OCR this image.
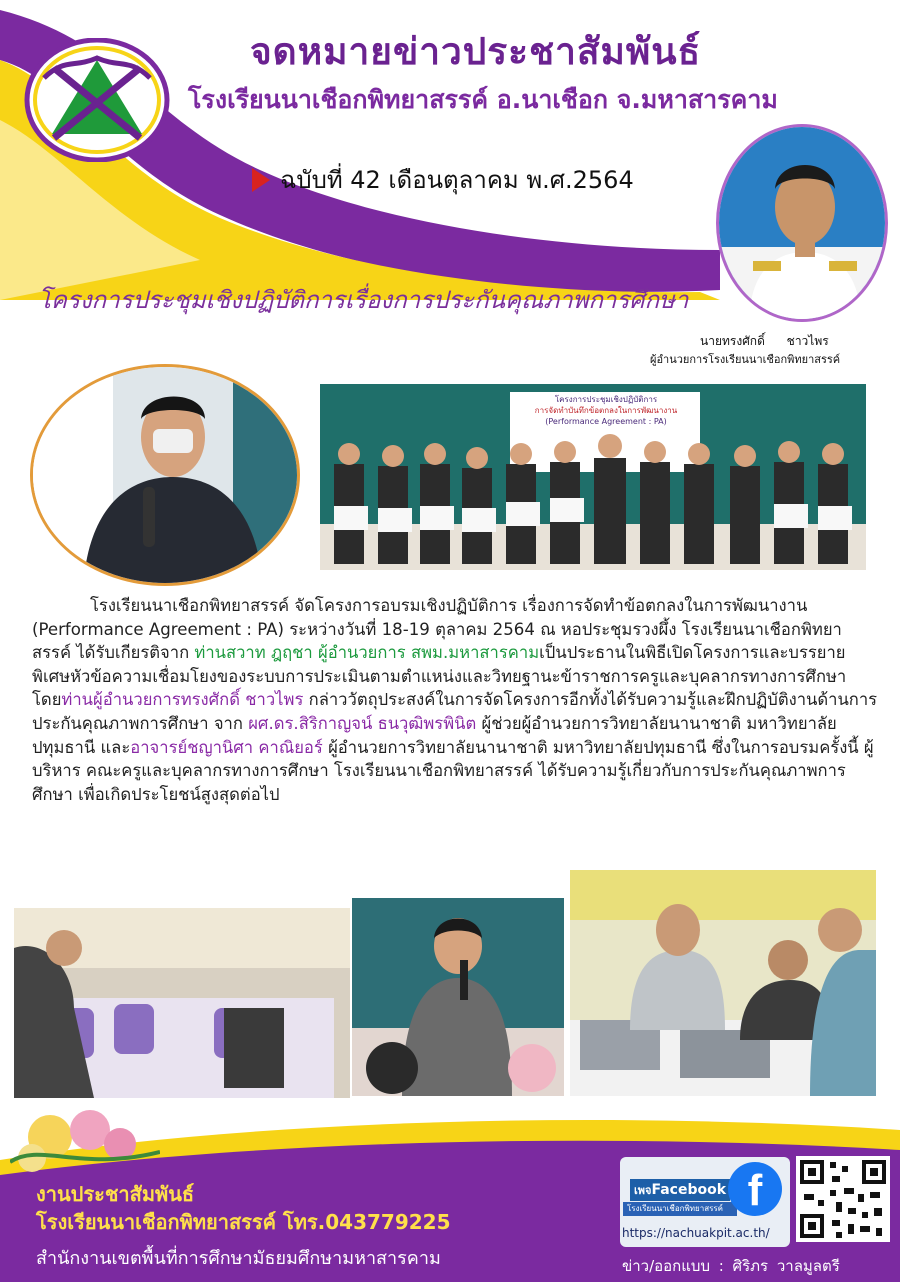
จดหมายข่าวประชาสัมพันธ์
โรงเรียนนาเชือกพิทยาสรรค์ อ.นาเชือก จ.มหาสารคาม
ฉบับที่ 42 เดือนตุลาคม พ.ศ.2564
นายทรงศักดิ์ ชาวไพร
ผู้อำนวยการโรงเรียนนาเชือกพิทยาสรรค์
โครงการประชุมเชิงปฏิบัติการเรื่องการประกันคุณภาพการศึกษา
โครงการประชุมเชิงปฏิบัติการ
การจัดทำบันทึกข้อตกลงในการพัฒนางาน
(Performance Agreement : PA)
โรงเรียนนาเชือกพิทยาสรรค์ จัดโครงการอบรมเชิงปฏิบัติการ เรื่องการจัดทำข้อตกลงในการพัฒนางาน (Performance Agreement : PA) ระหว่างวันที่ 18-19 ตุลาคม 2564 ณ หอประชุมรวงผึ้ง โรงเรียนนาเชือกพิทยาสรรค์ ได้รับเกียรติจาก ท่านสวาท ฎฤชา ผู้อำนวยการ สพม.มหาสารคามเป็นประธานในพิธีเปิดโครงการและบรรยายพิเศษหัวข้อความเชื่อมโยงของระบบการประเมินตามตำแหน่งและวิทยฐานะข้าราชการครูและบุคลากรทางการศึกษา โดยท่านผู้อำนวยการทรงศักดิ์ ชาวไพร กล่าววัตถุประสงค์ในการจัดโครงการอีกทั้งได้รับความรู้และฝึกปฏิบัติงานด้านการประกันคุณภาพการศึกษา จาก ผศ.ดร.สิริกาญจน์ ธนวุฒิพรพินิต ผู้ช่วยผู้อำนวยการวิทยาลัยนานาชาติ มหาวิทยาลัยปทุมธานี และอาจารย์ชญานิศา คาณิยอร์ ผู้อำนวยการวิทยาลัยนานาชาติ มหาวิทยาลัยปทุมธานี ซึ่งในการอบรมครั้งนี้ ผู้บริหาร คณะครูและบุคลากรทางการศึกษา โรงเรียนนาเชือกพิทยาสรรค์ ได้รับความรู้เกี่ยวกับการประกันคุณภาพการศึกษา เพื่อเกิดประโยชน์สูงสุดต่อไป
งานประชาสัมพันธ์
โรงเรียนนาเชือกพิทยาสรรค์ โทร.043779225
สำนักงานเขตพื้นที่การศึกษามัธยมศึกษามหาสารคาม
เพจFacebook
โรงเรียนนาเชือกพิทยาสรรค์ f
https://nachuakpit.ac.th/
ข่าว/ออกแบบ : ศิริภร วาลมูลตรี
